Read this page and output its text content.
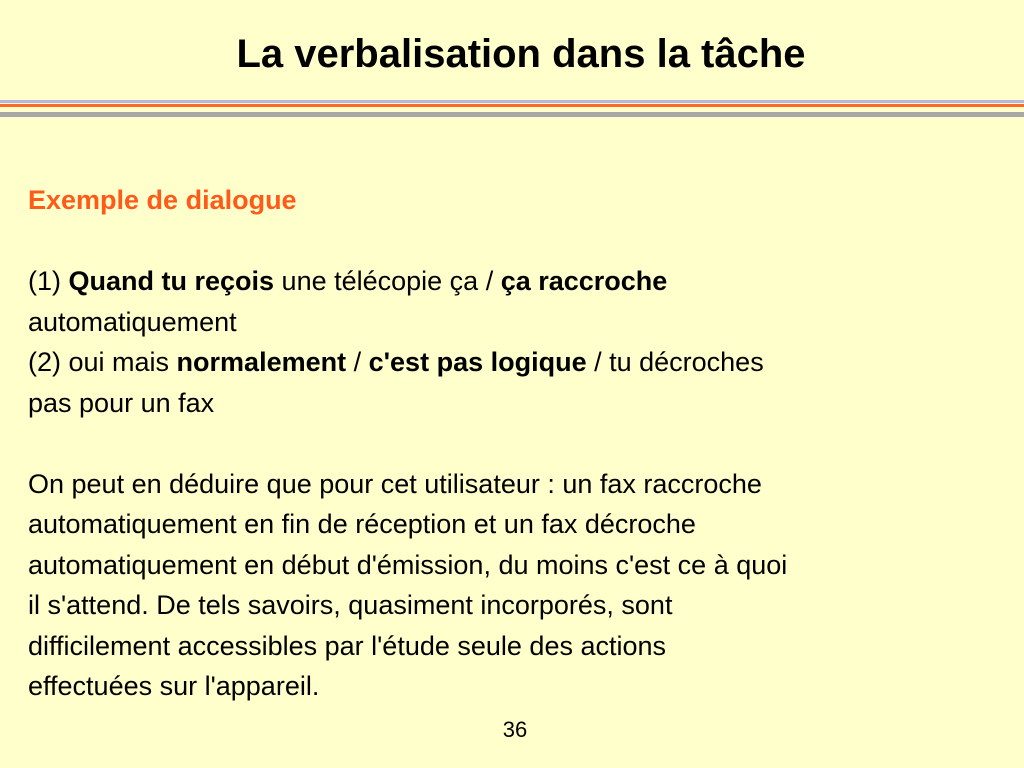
La verbalisation dans la tâche

Exemple de dialogue

(1) Quand tu reçois une télécopie ça / ça raccroche
automatiquement

(2) oui mais normalement / c'est pas logique / tu décroches
pas pour un fax

On peut en déduire que pour cet utilisateur : un fax raccroche
automatiquement en fin de réception et un fax décroche
automatiquement en début d'émission, du moins c'est ce à quoi
il s'attend. De tels savoirs, quasiment incorporés, sont
difficilement accessibles par l'étude seule des actions
effectuées sur l'appareil.

36
